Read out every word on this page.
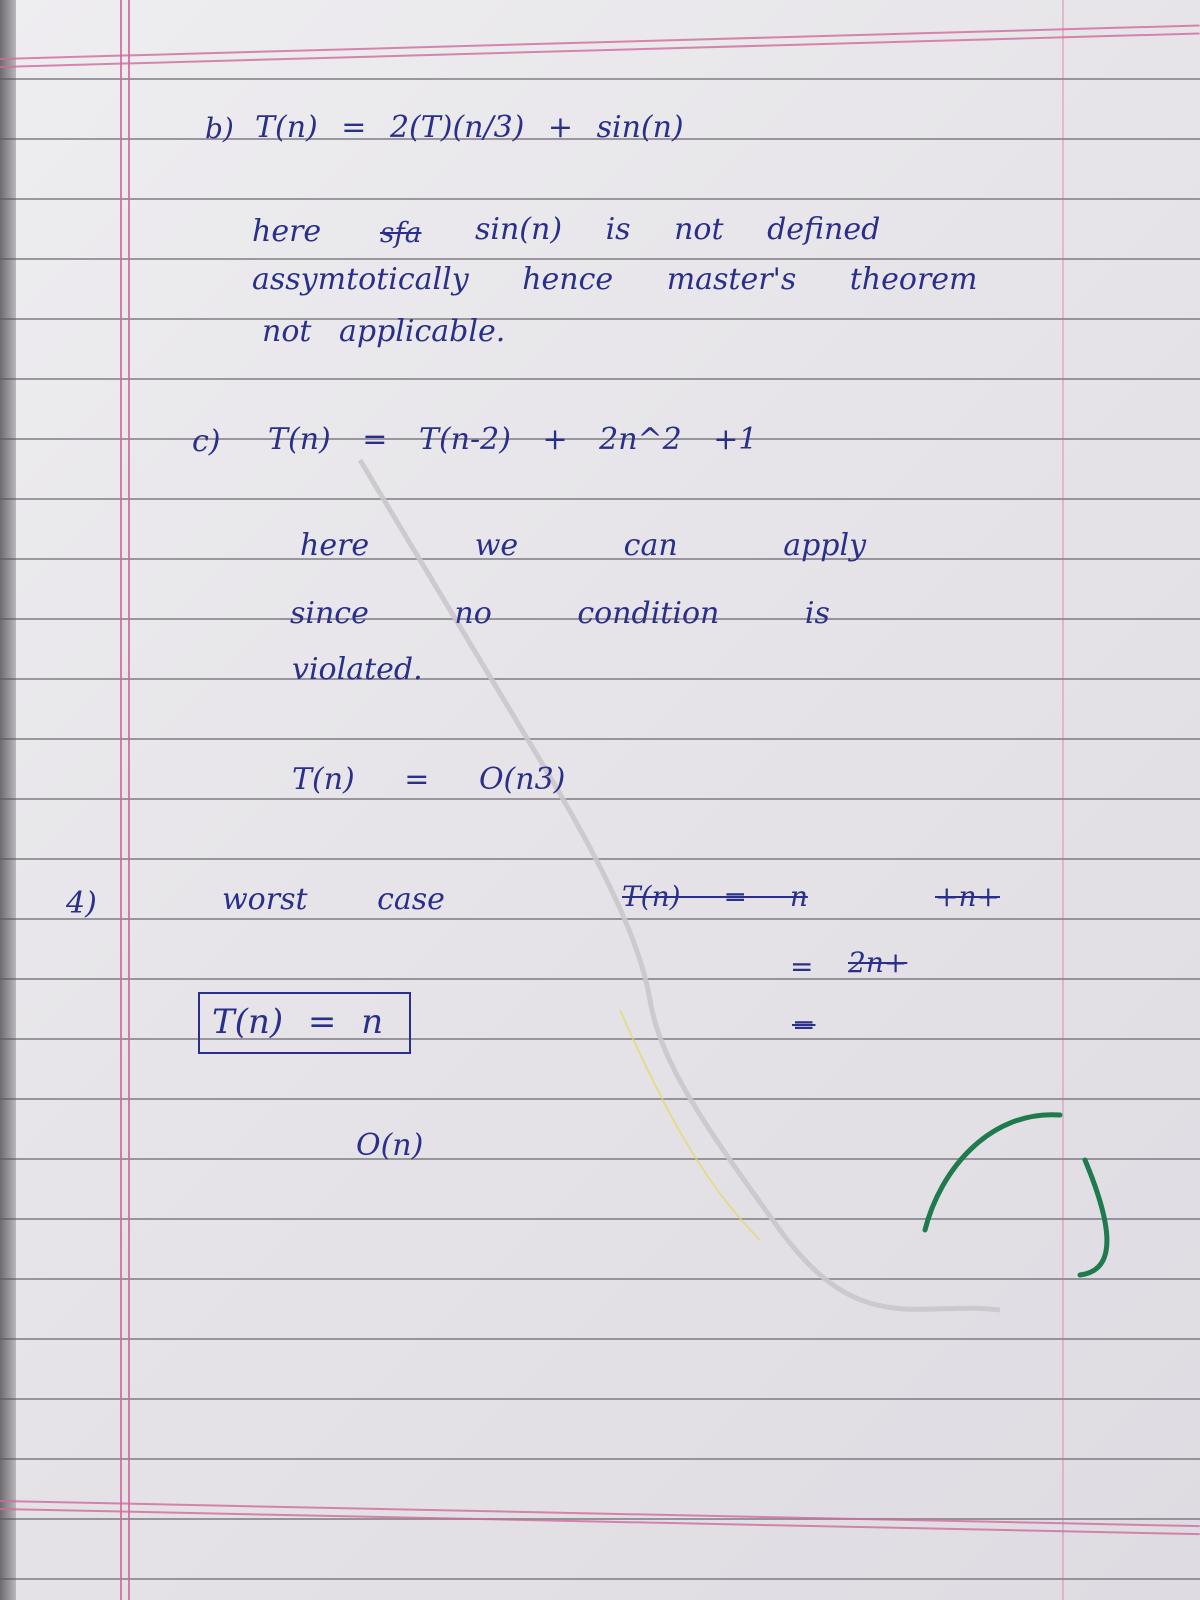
b) T(n) = 2(T)(n/3) + sin(n)
here sfa sin(n) is not defined
assymtotically hence master's theorem
not applicable.
c) T(n) = T(n-2) + 2n^2 +1
here we can apply
since no condition is
violated.
T(n) = O(n3)
4)	worst case	T(n) = n	+n+
= 2n+
=
T(n) = n
O(n)
